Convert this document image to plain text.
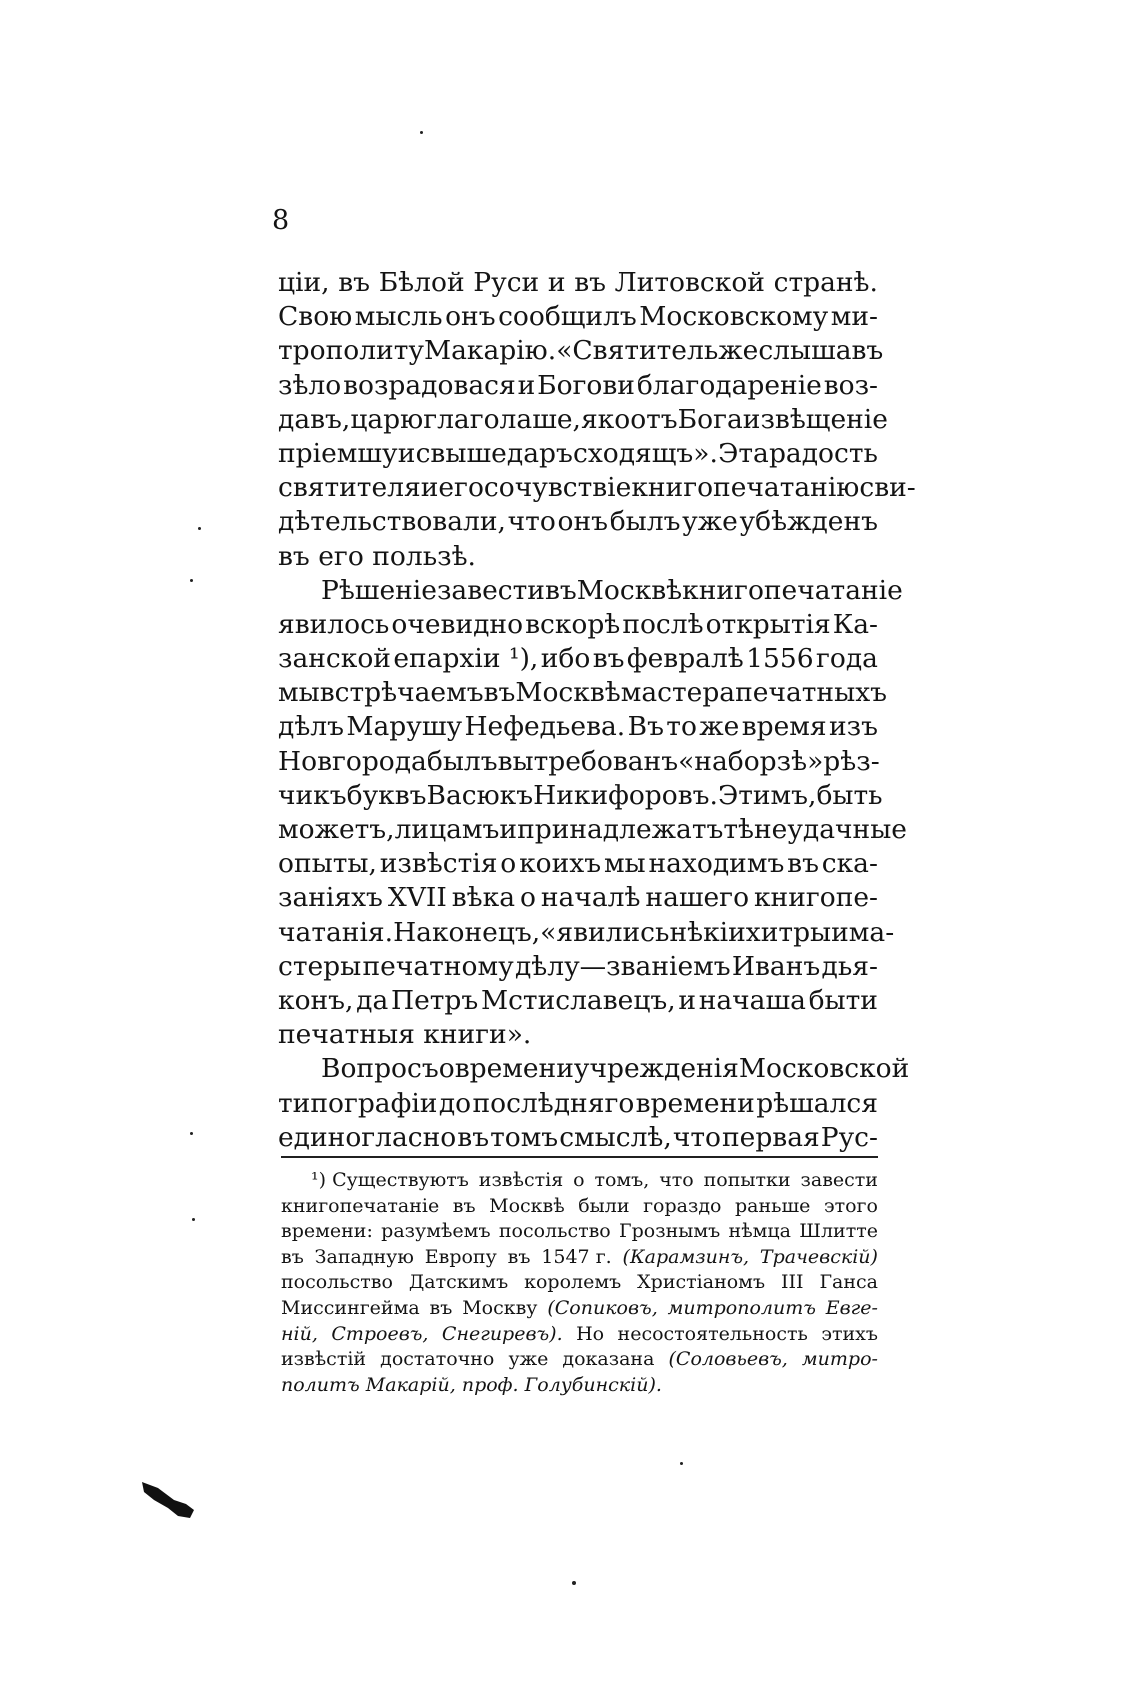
8
ціи, въ Бѣлой Руси и въ Литовской странѣ.
Свою мысль онъ сообщилъ Московскому ми-
трополиту Макарію. «Святитель же слышавъ
зѣло возрадовася и Богови благодареніе воз-
давъ, царю глаголаше, яко отъ Бога извѣщеніе
пріемшу и свыше даръ сходящъ». Эта радость
святителя и его сочувствіе книгопечатанію сви-
дѣтельствовали, что онъ былъ уже убѣжденъ
въ его пользѣ.
Рѣшеніе завести въ Москвѣ книгопечатаніе
явилось очевидно вскорѣ послѣ открытія Ка-
занской епархіи ¹), ибо въ февралѣ 1556 года
мы встрѣчаемъ въ Москвѣ мастера печатныхъ
дѣлъ Марушу Нефедьева. Въ то же время изъ
Новгорода былъ вытребованъ «на борзѣ» рѣз-
чикъ буквъ Васюкъ Никифоровъ. Этимъ, быть
можетъ, лицамъ и принадлежатъ тѣ неудачные
опыты, извѣстія о коихъ мы находимъ въ ска-
заніяхъ XVII вѣка о началѣ нашего книгопе-
чатанія. Наконецъ, «явились нѣкіи хитрыи ма-
стеры печатному дѣлу—званіемъ Иванъ дья-
конъ, да Петръ Мстиславецъ, и начаша быти
печатныя книги».
Вопросъ о времени учрежденія Московской
типографіи до послѣдняго времени рѣшался
единогласно въ томъ смыслѣ, что первая Рус-
¹) Существуютъ извѣстія о томъ, что попытки завести
книгопечатаніе въ Москвѣ были гораздо раньше этого
времени: разумѣемъ посольство Грознымъ нѣмца Шлитте
въ Западную Европу въ 1547 г. (Карамзинъ, Трачевскій)
посольство Датскимъ королемъ Христіаномъ III Ганса
Миссингейма въ Москву (Сопиковъ, митрополитъ Евге-
ній, Строевъ, Снегиревъ). Но несостоятельность этихъ
извѣстій достаточно уже доказана (Соловьевъ, митро-
политъ Макарій, проф. Голубинскій).
